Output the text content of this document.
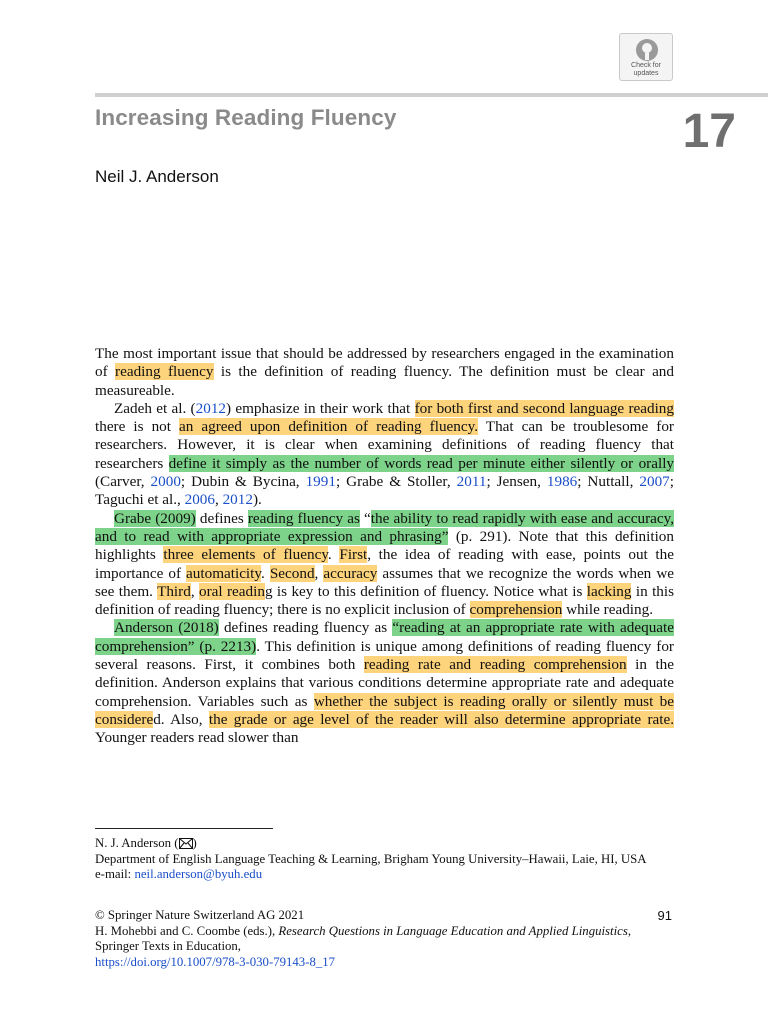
Check for
updates
Increasing Reading Fluency	17
Neil J. Anderson

The most important issue that should be addressed by researchers engaged in the examination of reading fluency is the definition of reading fluency. The definition must be clear and measureable.

Zadeh et al. (2012) emphasize in their work that for both first and second language reading there is not an agreed upon definition of reading fluency. That can be troublesome for researchers. However, it is clear when examining definitions of reading fluency that researchers define it simply as the number of words read per minute either silently or orally (Carver, 2000; Dubin & Bycina, 1991; Grabe & Stoller, 2011; Jensen, 1986; Nuttall, 2007; Taguchi et al., 2006, 2012).

Grabe (2009) defines reading fluency as “the ability to read rapidly with ease and accuracy, and to read with appropriate expression and phrasing” (p. 291). Note that this definition highlights three elements of fluency. First, the idea of reading with ease, points out the importance of automaticity. Second, accuracy assumes that we recognize the words when we see them. Third, oral reading is key to this definition of fluency. Notice what is lacking in this definition of reading fluency; there is no explicit inclusion of comprehension while reading.

Anderson (2018) defines reading fluency as “reading at an appropriate rate with adequate comprehension” (p. 2213). This definition is unique among definitions of reading fluency for several reasons. First, it combines both reading rate and reading comprehension in the definition. Anderson explains that various conditions determine appropriate rate and adequate comprehension. Variables such as whether the subject is reading orally or silently must be considered. Also, the grade or age level of the reader will also determine appropriate rate. Younger readers read slower than

N. J. Anderson ( )
Department of English Language Teaching & Learning, Brigham Young University–Hawaii, Laie, HI, USA
e-mail: neil.anderson@byuh.edu
© Springer Nature Switzerland AG 2021
H. Mohebbi and C. Coombe (eds.), Research Questions in Language Education and Applied Linguistics, Springer Texts in Education,
https://doi.org/10.1007/978-3-030-79143-8_17
91
